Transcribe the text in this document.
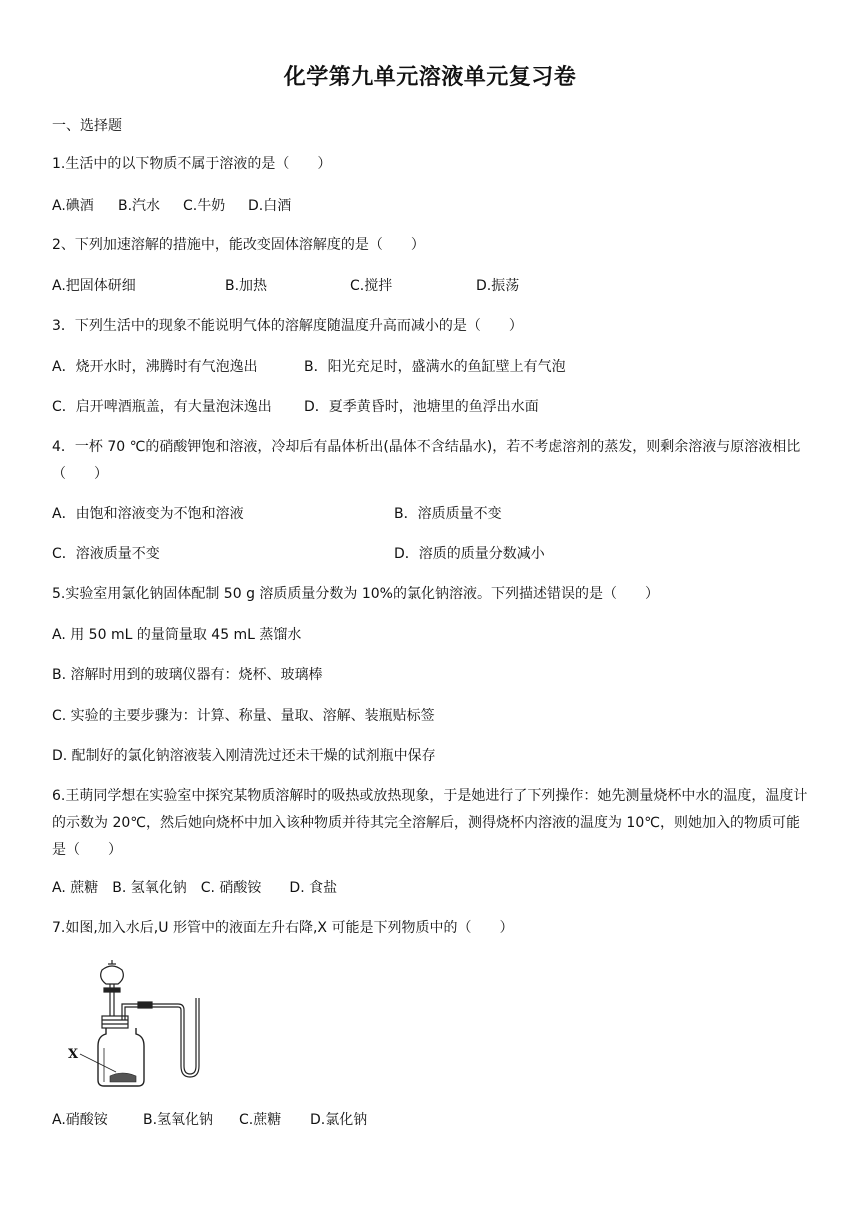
化学第九单元溶液单元复习卷
一、选择题
1.生活中的以下物质不属于溶液的是（　　）
A.碘酒 B.汽水 C.牛奶 D.白酒
2、下列加速溶解的措施中，能改变固体溶解度的是（　　）
A.把固体研细	B.加热	C.搅拌	D.振荡
3．下列生活中的现象不能说明气体的溶解度随温度升高而减小的是（　　）
A．烧开水时，沸腾时有气泡逸出	B．阳光充足时，盛满水的鱼缸壁上有气泡
C．启开啤酒瓶盖，有大量泡沫逸出 D．夏季黄昏时，池塘里的鱼浮出水面
4．一杯 70 ℃的硝酸钾饱和溶液，冷却后有晶体析出(晶体不含结晶水)，若不考虑溶剂的蒸发，则剩余溶液与原溶液相比（　　）
A．由饱和溶液变为不饱和溶液	B．溶质质量不变
C．溶液质量不变	D．溶质的质量分数减小
5.实验室用氯化钠固体配制 50 g 溶质质量分数为 10%的氯化钠溶液。下列描述错误的是（　　）
A. 用 50 mL 的量筒量取 45 mL 蒸馏水
B. 溶解时用到的玻璃仪器有：烧杯、玻璃棒
C. 实验的主要步骤为：计算、称量、量取、溶解、装瓶贴标签
D. 配制好的氯化钠溶液装入刚清洗过还未干燥的试剂瓶中保存
6.王萌同学想在实验室中探究某物质溶解时的吸热或放热现象，于是她进行了下列操作：她先测量烧杯中水的温度，温度计的示数为 20℃，然后她向烧杯中加入该种物质并待其完全溶解后，测得烧杯内溶液的温度为 10℃，则她加入的物质可能是（　　）
A. 蔗糖　B. 氢氧化钠　C. 硝酸铵　　D. 食盐
7.如图,加入水后,U 形管中的液面左升右降,X 可能是下列物质中的（　　）
X
A.硝酸铵	B.氢氧化钠 C.蔗糖 D.氯化钠
